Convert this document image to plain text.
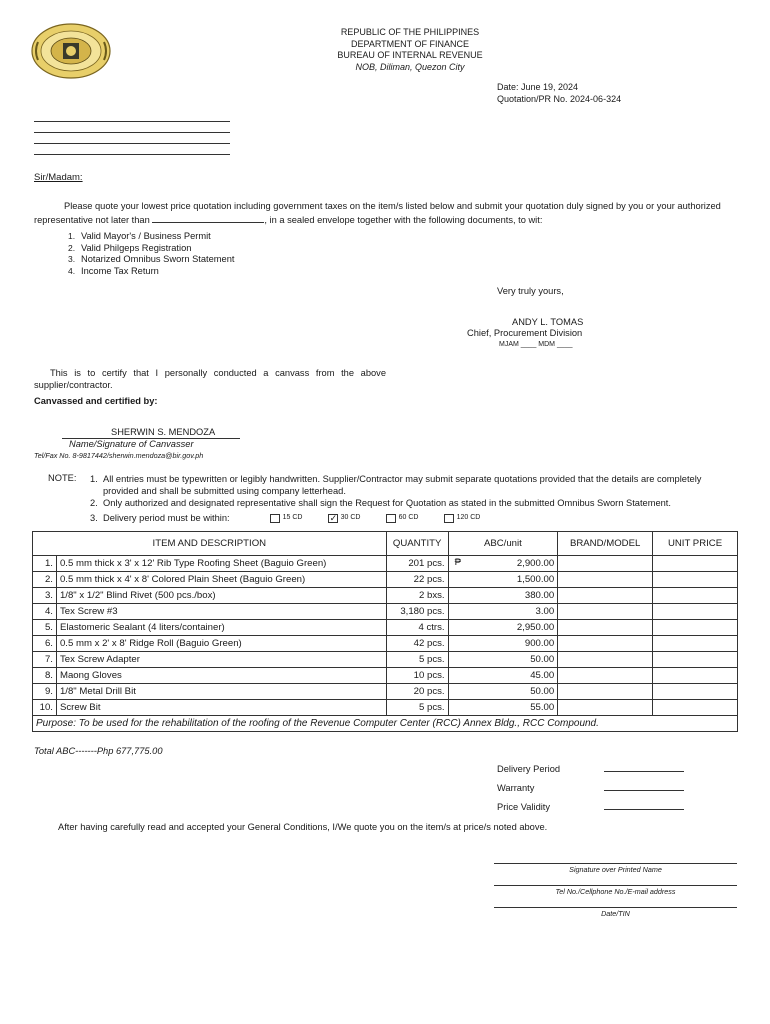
REPUBLIC OF THE PHILIPPINES
DEPARTMENT OF FINANCE
BUREAU OF INTERNAL REVENUE
NOB, Diliman, Quezon City
Date: June 19, 2024
Quotation/PR No. 2024-06-324
Sir/Madam:
Please quote your lowest price quotation including government taxes on the item/s listed below and submit your quotation duly signed by you or your authorized representative not later than	, in a sealed envelope together with the following documents, to wit:
1. Valid Mayor's / Business Permit
2. Valid Philgeps Registration
3. Notarized Omnibus Sworn Statement
4. Income Tax Return
Very truly yours,
ANDY L. TOMAS
Chief, Procurement Division
MJAM ____ MDM ____
This is to certify that I personally conducted a canvass from the above supplier/contractor.
Canvassed and certified by:
SHERWIN S. MENDOZA
Name/Signature of Canvasser
Tel/Fax No. 8-9817442/sherwin.mendoza@bir.gov.ph
NOTE: 1. All entries must be typewritten or legibly handwritten. Supplier/Contractor may submit separate quotations provided that the details are completely provided and shall be submitted using company letterhead.
2. Only authorized and designated representative shall sign the Request for Quotation as stated in the submitted Omnibus Sworn Statement.
3. Delivery period must be within:	15 CD ✓	30 CD	60 CD	120 CD
ITEM AND DESCRIPTION		QUANTITY	ABC/unit	BRAND/MODEL	UNIT PRICE
1.	0.5 mm thick x 3' x 12' Rib Type Roofing Sheet (Baguio Green)	201 pcs.	₱ 2,900.00		
2.	0.5 mm thick x 4' x 8' Colored Plain Sheet (Baguio Green)	22 pcs.	1,500.00		
3.	1/8" x 1/2" Blind Rivet (500 pcs./box)	2 bxs.	380.00		
4.	Tex Screw #3	3,180 pcs.	3.00		
5.	Elastomeric Sealant (4 liters/container)	4 ctrs.	2,950.00		
6.	0.5 mm x 2' x 8' Ridge Roll (Baguio Green)	42 pcs.	900.00		
7.	Tex Screw Adapter	5 pcs.	50.00		
8.	Maong Gloves	10 pcs.	45.00		
9.	1/8" Metal Drill Bit	20 pcs.	50.00		
10.	Screw Bit	5 pcs.	55.00		
Purpose: To be used for the rehabilitation of the roofing of the Revenue Computer Center (RCC) Annex Bldg., RCC Compound.					
Total ABC-------Php 677,775.00
Delivery Period
Warranty
Price Validity
After having carefully read and accepted your General Conditions, I/We quote you on the item/s at price/s noted above.
Signature over Printed Name
Tel No./Cellphone No./E-mail address
Date/TIN
